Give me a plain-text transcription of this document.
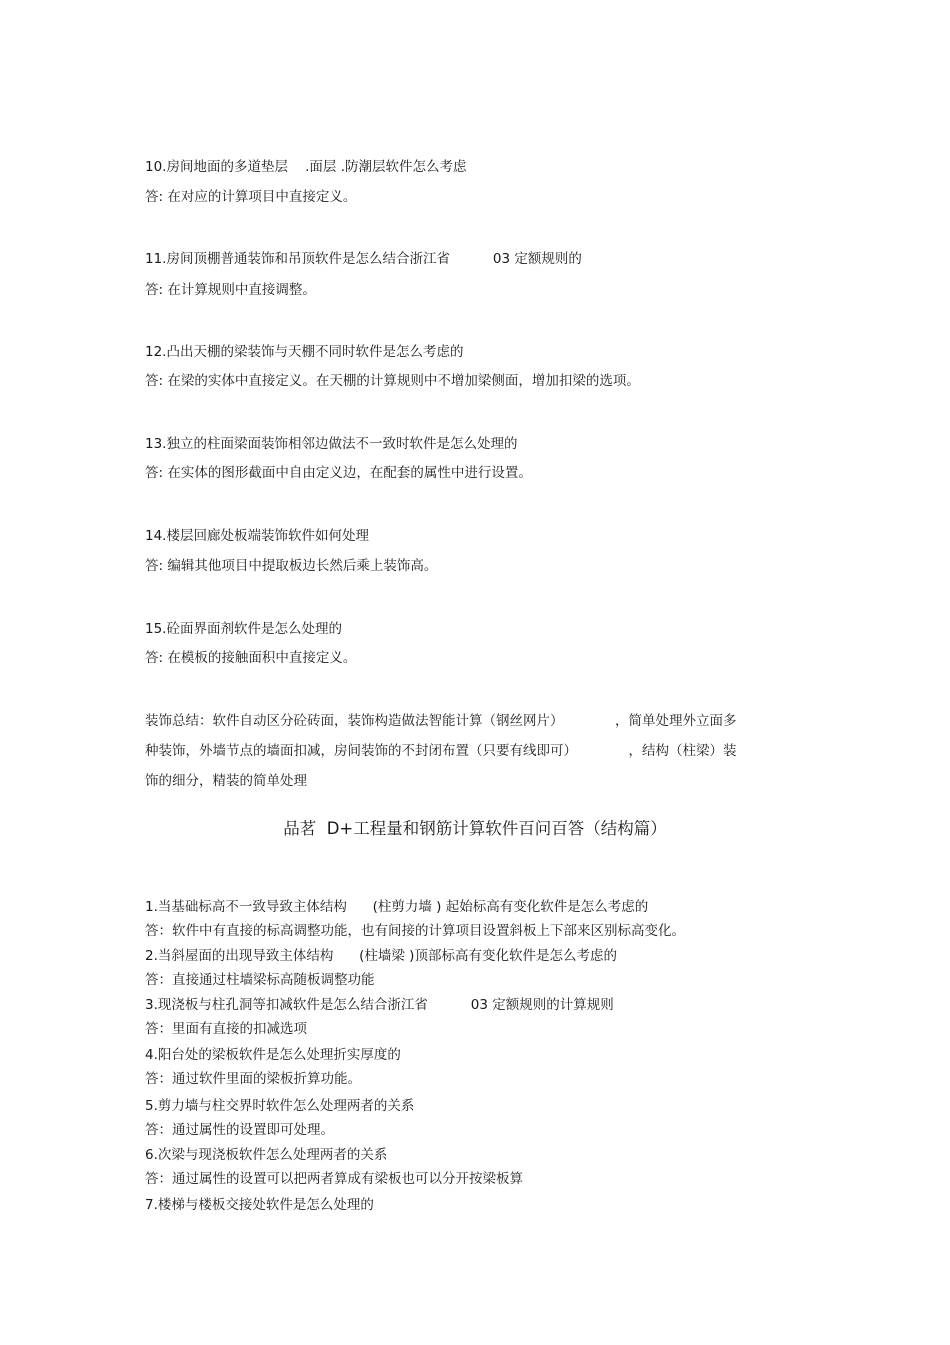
10.房间地面的多道垫层    .面层 .防潮层软件怎么考虑
答: 在对应的计算项目中直接定义。
11.房间顶棚普通装饰和吊顶软件是怎么结合浙江省          03 定额规则的
答: 在计算规则中直接调整。
12.凸出天棚的梁装饰与天棚不同时软件是怎么考虑的
答: 在梁的实体中直接定义。在天棚的计算规则中不增加梁侧面，增加扣梁的选项。
13.独立的柱面梁面装饰相邻边做法不一致时软件是怎么处理的
答: 在实体的图形截面中自由定义边，在配套的属性中进行设置。
14.楼层回廊处板端装饰软件如何处理
答: 编辑其他项目中提取板边长然后乘上装饰高。
15.砼面界面剂软件是怎么处理的
答: 在模板的接触面积中直接定义。
装饰总结：软件自动区分砼砖面，装饰构造做法智能计算（钢丝网片）            ，简单处理外立面多
种装饰，外墙节点的墙面扣减，房间装饰的不封闭布置（只要有线即可）            ，结构（柱梁）装
饰的细分，精装的简单处理
品茗  D+工程量和钢筋计算软件百问百答（结构篇）
1.当基础标高不一致导致主体结构      (柱剪力墙 ) 起始标高有变化软件是怎么考虑的
答：软件中有直接的标高调整功能，也有间接的计算项目设置斜板上下部来区别标高变化。
2.当斜屋面的出现导致主体结构      (柱墙梁 )顶部标高有变化软件是怎么考虑的
答：直接通过柱墙梁标高随板调整功能
3.现浇板与柱孔洞等扣减软件是怎么结合浙江省          03 定额规则的计算规则
答：里面有直接的扣减选项
4.阳台处的梁板软件是怎么处理折实厚度的
答：通过软件里面的梁板折算功能。
5.剪力墙与柱交界时软件怎么处理两者的关系
答：通过属性的设置即可处理。
6.次梁与现浇板软件怎么处理两者的关系
答：通过属性的设置可以把两者算成有梁板也可以分开按梁板算
7.楼梯与楼板交接处软件是怎么处理的
